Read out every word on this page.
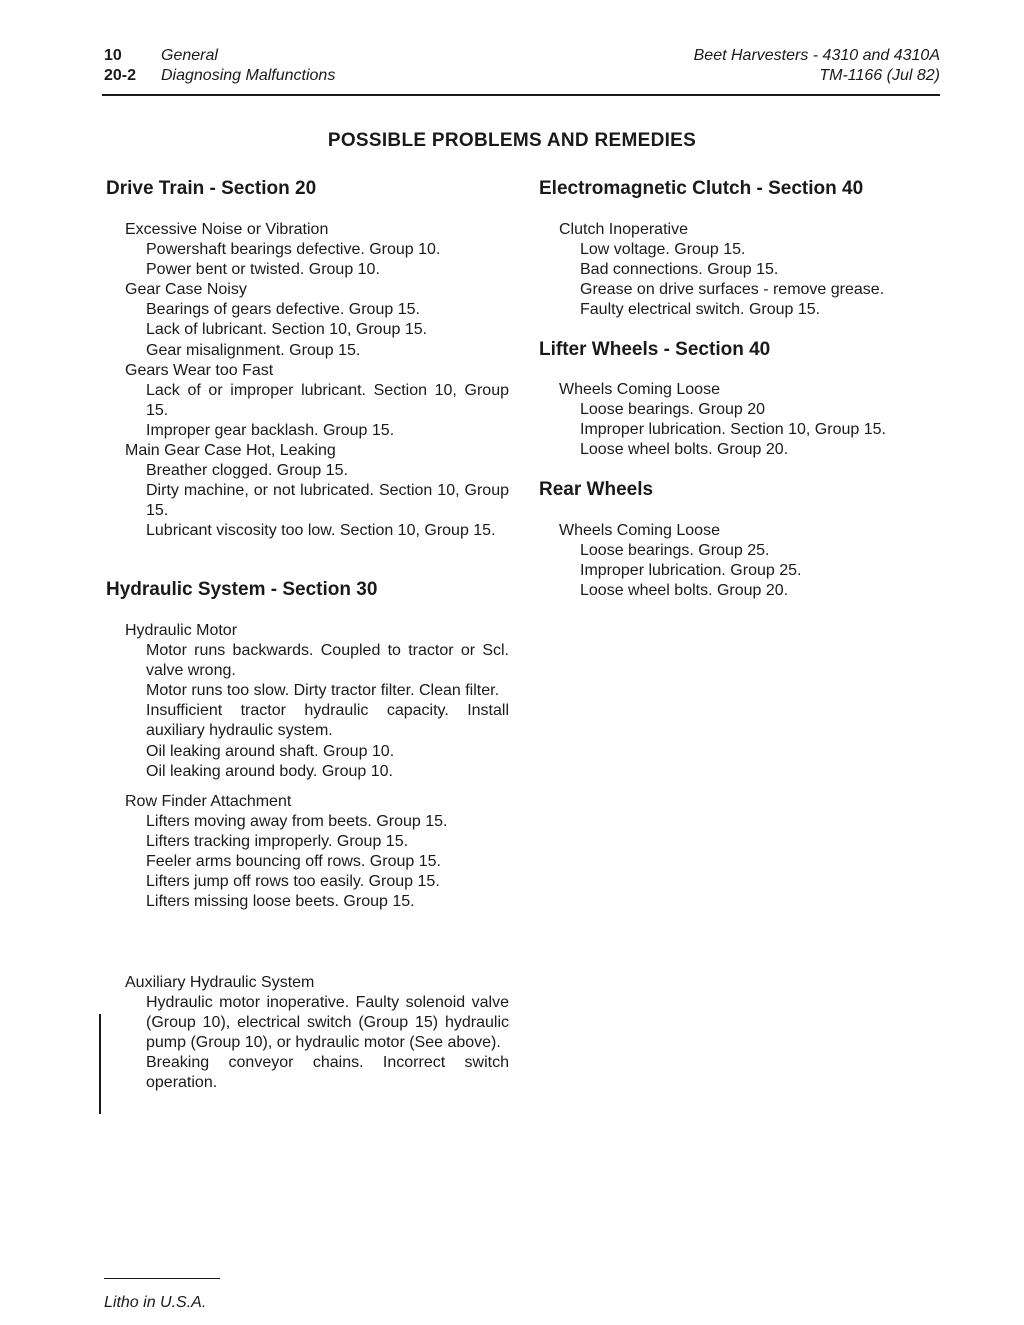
10 General
20-2 Diagnosing Malfunctions
Beet Harvesters - 4310 and 4310A
TM-1166 (Jul 82)
POSSIBLE PROBLEMS AND REMEDIES
Drive Train - Section 20
Excessive Noise or Vibration
Powershaft bearings defective. Group 10.
Power bent or twisted. Group 10.
Gear Case Noisy
Bearings of gears defective. Group 15.
Lack of lubricant. Section 10, Group 15.
Gear misalignment. Group 15.
Gears Wear too Fast
Lack of or improper lubricant. Section 10, Group 15.
Improper gear backlash. Group 15.
Main Gear Case Hot, Leaking
Breather clogged. Group 15.
Dirty machine, or not lubricated. Section 10, Group 15.
Lubricant viscosity too low. Section 10, Group 15.
Hydraulic System - Section 30
Hydraulic Motor
Motor runs backwards. Coupled to tractor or Scl. valve wrong.
Motor runs too slow. Dirty tractor filter. Clean filter.
Insufficient tractor hydraulic capacity. Install auxiliary hydraulic system.
Oil leaking around shaft. Group 10.
Oil leaking around body. Group 10.
Row Finder Attachment
Lifters moving away from beets. Group 15.
Lifters tracking improperly. Group 15.
Feeler arms bouncing off rows. Group 15.
Lifters jump off rows too easily. Group 15.
Lifters missing loose beets. Group 15.
Auxiliary Hydraulic System
Hydraulic motor inoperative. Faulty solenoid valve (Group 10), electrical switch (Group 15) hydraulic pump (Group 10), or hydraulic motor (See above).
Breaking conveyor chains. Incorrect switch operation.
Electromagnetic Clutch - Section 40
Clutch Inoperative
Low voltage. Group 15.
Bad connections. Group 15.
Grease on drive surfaces - remove grease.
Faulty electrical switch. Group 15.
Lifter Wheels - Section 40
Wheels Coming Loose
Loose bearings. Group 20
Improper lubrication. Section 10, Group 15.
Loose wheel bolts. Group 20.
Rear Wheels
Wheels Coming Loose
Loose bearings. Group 25.
Improper lubrication. Group 25.
Loose wheel bolts. Group 20.
Litho in U.S.A.
